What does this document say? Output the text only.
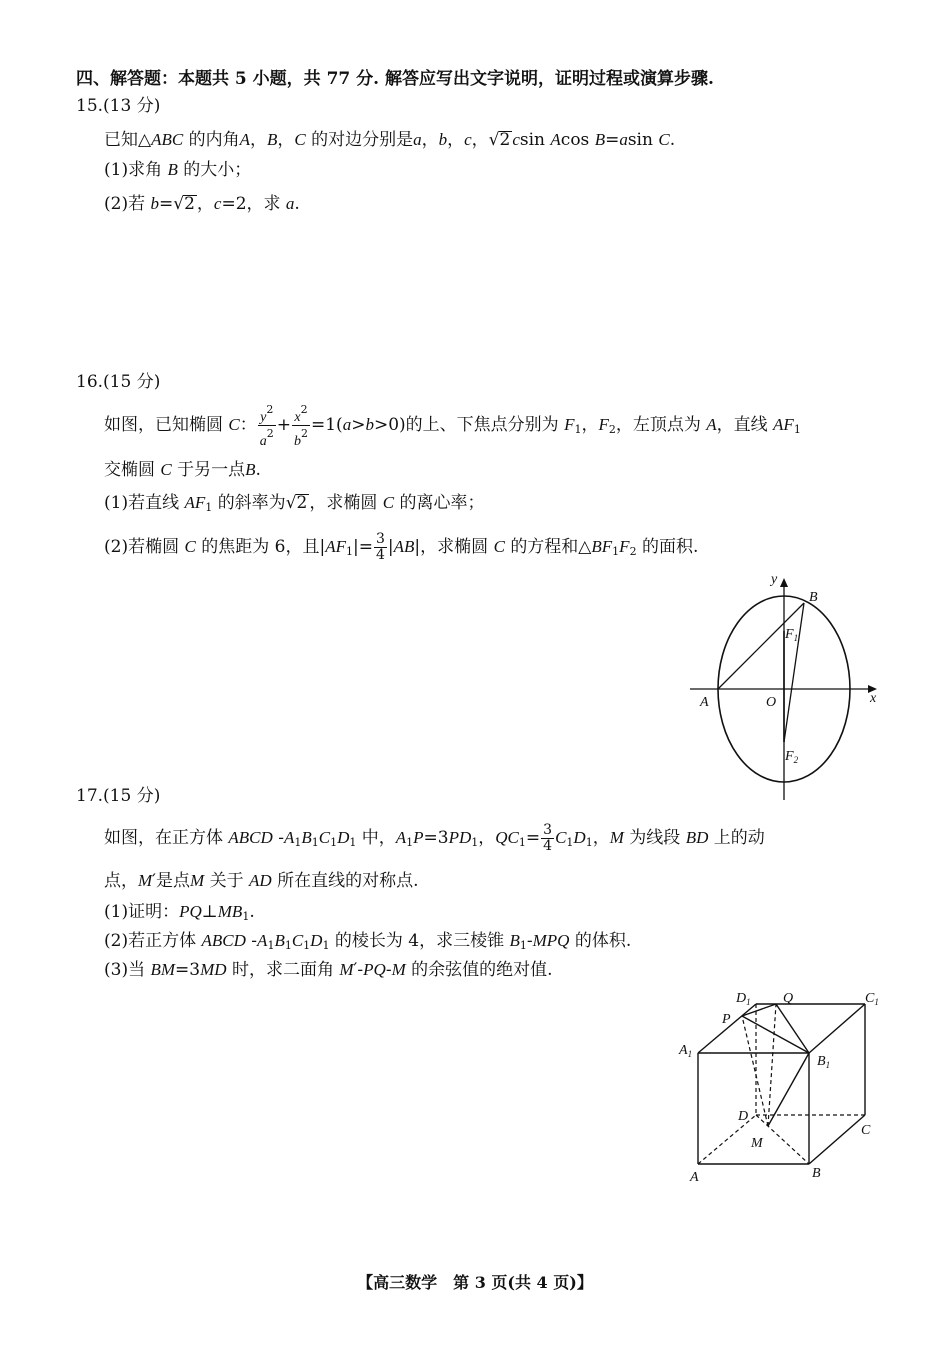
四、解答题：本题共 5 小题，共 77 分. 解答应写出文字说明，证明过程或演算步骤.
15.(13 分)
已知△ABC 的内角A，B，C 的对边分别是a，b，c，√2 csin Acos B=asin C.
(1)求角 B 的大小；
(2)若 b=√2 ，c=2，求 a.
16.(15 分)
如图，已知椭圆 C： $\frac{y^2}{a^2} + \frac{x^2}{b^2} =1(a>b>0)$的上、下焦点分别为 $F_1$，$F_2$，左顶点为 A，直线 $AF_1$
交椭圆 C 于另一点B.
(1)若直线 $AF_1$ 的斜率为√2 ，求椭圆 C 的离心率；
(2)若椭圆 C 的焦距为 6，且$|AF_1|= \frac{3}{4} |AB|$，求椭圆 C 的方程和$\triangle BF_1F_2$ 的面积.
y
x
A	O
B
$F_1$
$F_2$
17.(15 分)
如图，在正方体 ABCD $-A_1B_1C_1D_1$ 中，$A_1P=3PD_1$，$QC_1= \frac{3}{4} C_1D_1$，M 为线段 BD 上的动
点，M′是点M 关于 AD 所在直线的对称点.
(1)证明：$PQ\perp MB_1$.
(2)若正方体 ABCD $-A_1B_1C_1D_1$ 的棱长为 4，求三棱锥 $B_1$-MPQ 的体积.
(3)当 BM=3MD 时，求二面角 M′-PQ-M 的余弦值的绝对值.
$D_1$ Q	$C_1$
P
$A_1$	$B_1$
D
M
C
A	B
【高三数学　第 3 页(共 4 页)】
